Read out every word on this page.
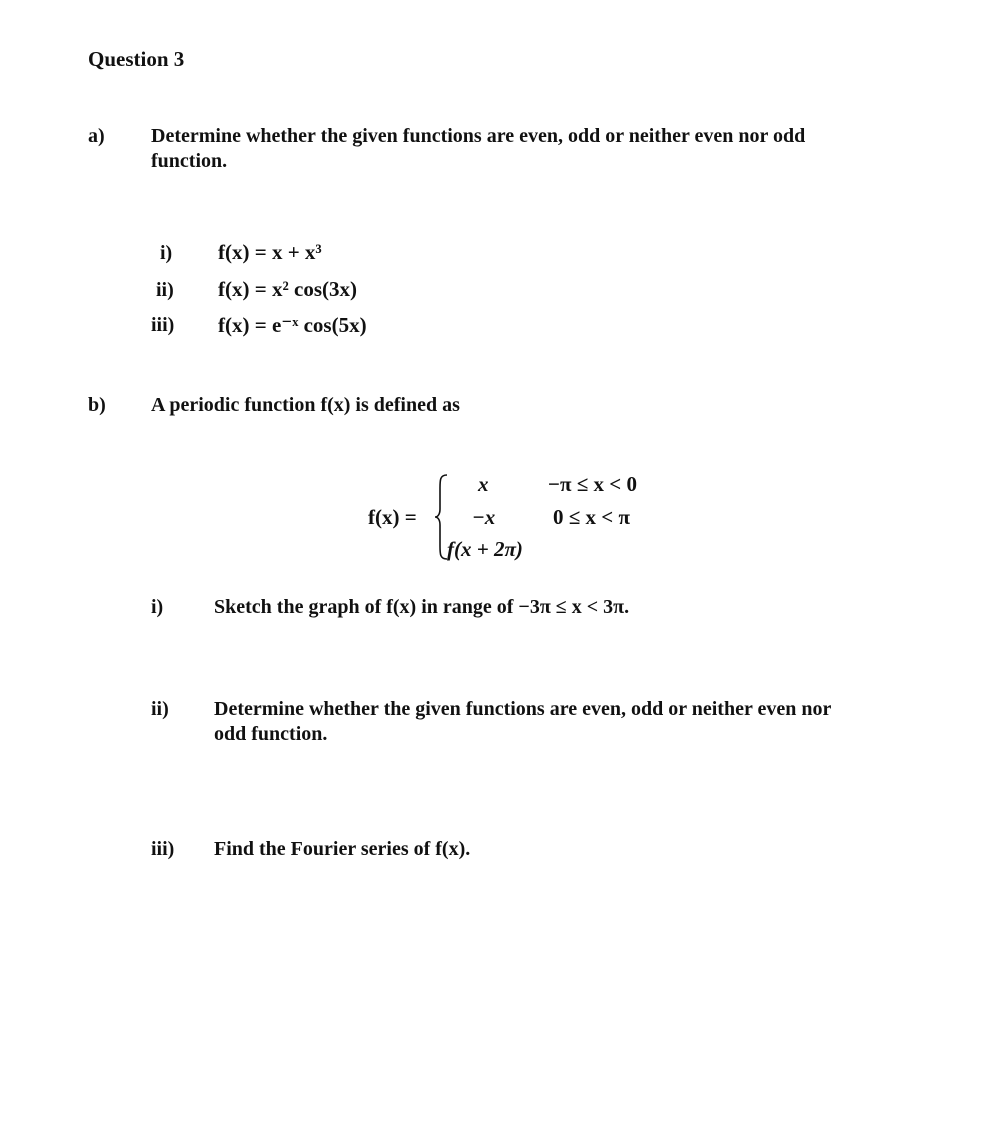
Question 3
a) Determine whether the given functions are even, odd or neither even nor odd
function.
i) f(x) = x + x³
ii) f(x) = x² cos(3x)
iii) f(x) = e⁻ˣ cos(5x)
b) A periodic function f(x) is defined as
f(x) =
x	−π ≤ x < 0
−x	0 ≤ x < π
f(x + 2π)
i)	Sketch the graph of f(x) in range of −3π ≤ x < 3π.
ii) Determine whether the given functions are even, odd or neither even nor
odd function.
iii) Find the Fourier series of f(x).
